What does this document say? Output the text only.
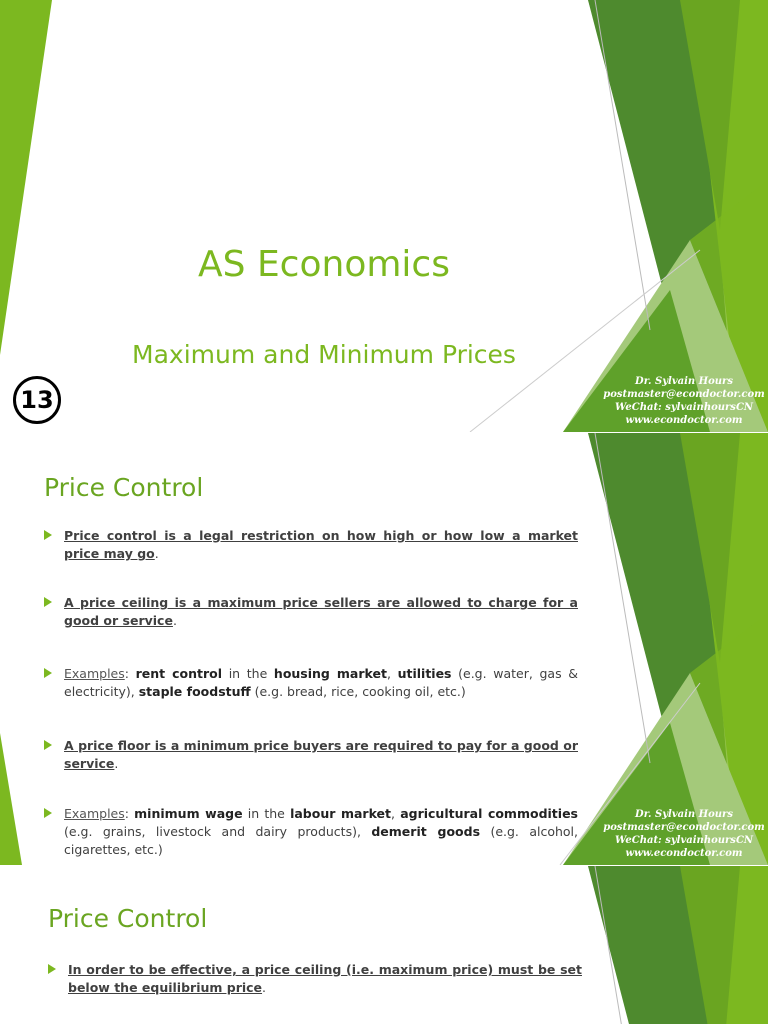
AS Economics
Maximum and Minimum Prices
13
Dr. Sylvain Hours
postmaster@econdoctor.com
WeChat: sylvainhoursCN
www.econdoctor.com
Price Control
Price control is a legal restriction on how high or how low a market price may go.
A price ceiling is a maximum price sellers are allowed to charge for a good or service.
Examples: rent control in the housing market, utilities (e.g. water, gas & electricity), staple foodstuff (e.g. bread, rice, cooking oil, etc.)
A price floor is a minimum price buyers are required to pay for a good or service.
Examples: minimum wage in the labour market, agricultural commodities (e.g. grains, livestock and dairy products), demerit goods (e.g. alcohol, cigarettes, etc.)
Dr. Sylvain Hours
postmaster@econdoctor.com
WeChat: sylvainhoursCN
www.econdoctor.com
Price Control
In order to be effective, a price ceiling (i.e. maximum price) must be set below the equilibrium price.
